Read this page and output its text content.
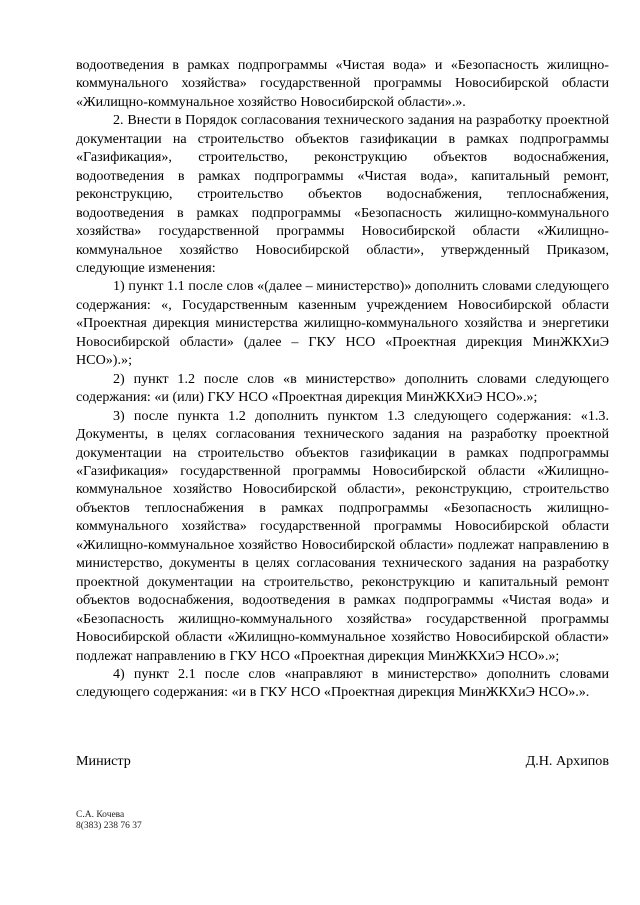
водоотведения в рамках подпрограммы «Чистая вода» и «Безопасность жилищно-коммунального хозяйства» государственной программы Новосибирской области «Жилищно-коммунальное хозяйство Новосибирской области».».

2. Внести в Порядок согласования технического задания на разработку проектной документации на строительство объектов газификации в рамках подпрограммы «Газификация», строительство, реконструкцию объектов водоснабжения, водоотведения в рамках подпрограммы «Чистая вода», капитальный ремонт, реконструкцию, строительство объектов водоснабжения, теплоснабжения, водоотведения в рамках подпрограммы «Безопасность жилищно-коммунального хозяйства» государственной программы Новосибирской области «Жилищно-коммунальное хозяйство Новосибирской области», утвержденный Приказом, следующие изменения:

1) пункт 1.1 после слов «(далее – министерство)» дополнить словами следующего содержания: «, Государственным казенным учреждением Новосибирской области «Проектная дирекция министерства жилищно-коммунального хозяйства и энергетики Новосибирской области» (далее – ГКУ НСО «Проектная дирекция МинЖКХиЭ НСО»).»;

2) пункт 1.2 после слов «в министерство» дополнить словами следующего содержания: «и (или) ГКУ НСО «Проектная дирекция МинЖКХиЭ НСО».»;

3) после пункта 1.2 дополнить пунктом 1.3 следующего содержания: «1.3. Документы, в целях согласования технического задания на разработку проектной документации на строительство объектов газификации в рамках подпрограммы «Газификация» государственной программы Новосибирской области «Жилищно-коммунальное хозяйство Новосибирской области», реконструкцию, строительство объектов теплоснабжения в рамках подпрограммы «Безопасность жилищно-коммунального хозяйства» государственной программы Новосибирской области «Жилищно-коммунальное хозяйство Новосибирской области» подлежат направлению в министерство, документы в целях согласования технического задания на разработку проектной документации на строительство, реконструкцию и капитальный ремонт объектов водоснабжения, водоотведения в рамках подпрограммы «Чистая вода» и «Безопасность жилищно-коммунального хозяйства» государственной программы Новосибирской области «Жилищно-коммунальное хозяйство Новосибирской области» подлежат направлению в ГКУ НСО «Проектная дирекция МинЖКХиЭ НСО».»;

4) пункт 2.1 после слов «направляют в министерство» дополнить словами следующего содержания: «и в ГКУ НСО «Проектная дирекция МинЖКХиЭ НСО».».

Министр	Д.Н. Архипов
С.А. Кочева
8(383) 238 76 37
